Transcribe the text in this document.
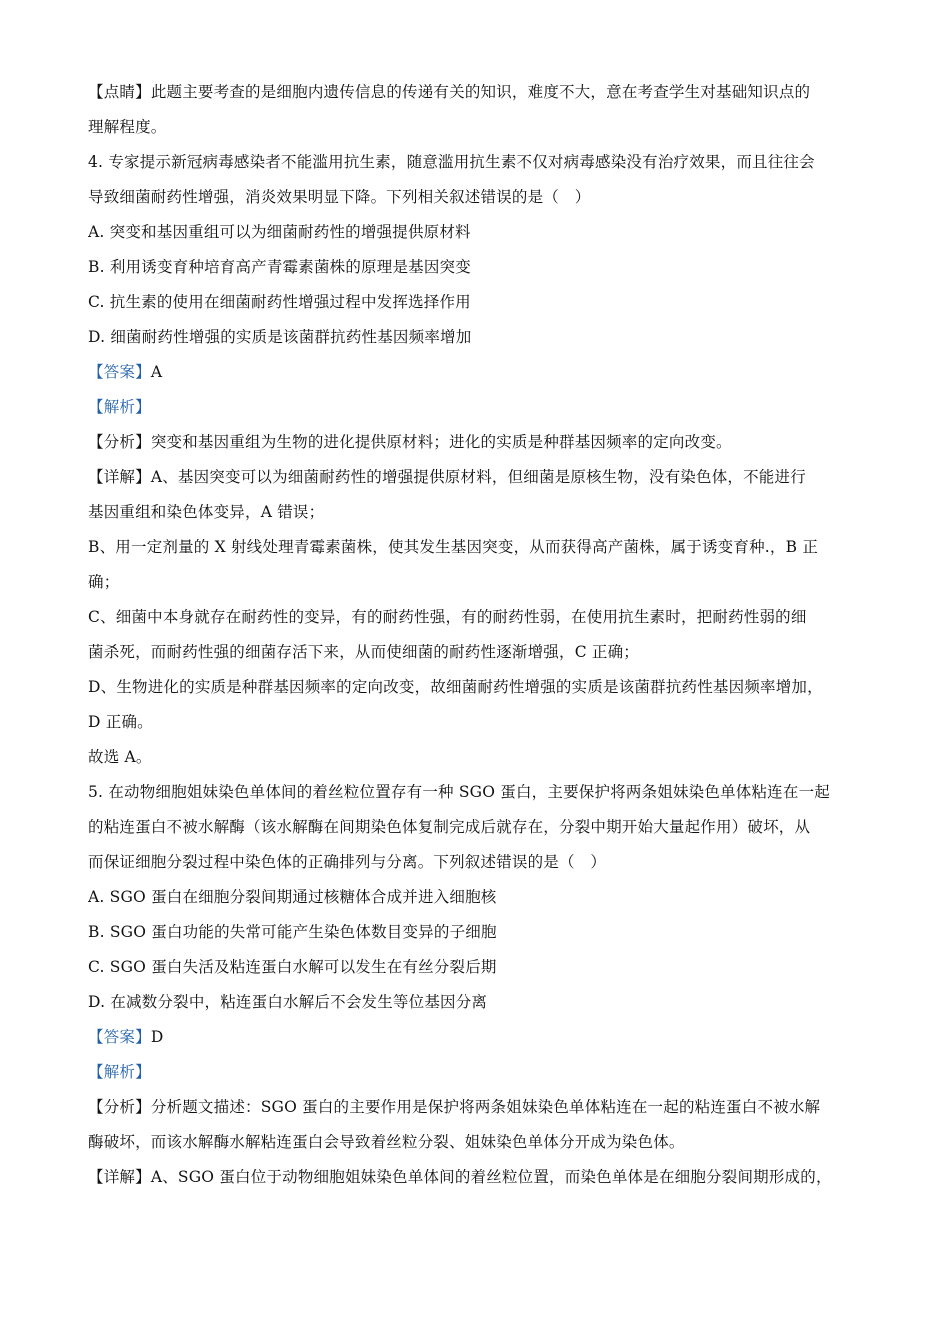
【点睛】此题主要考查的是细胞内遗传信息的传递有关的知识，难度不大，意在考查学生对基础知识点的
理解程度。
4. 专家提示新冠病毒感染者不能滥用抗生素，随意滥用抗生素不仅对病毒感染没有治疗效果，而且往往会
导致细菌耐药性增强，消炎效果明显下降。下列相关叙述错误的是（　）
A. 突变和基因重组可以为细菌耐药性的增强提供原材料
B. 利用诱变育种培育高产青霉素菌株的原理是基因突变
C. 抗生素的使用在细菌耐药性增强过程中发挥选择作用
D. 细菌耐药性增强的实质是该菌群抗药性基因频率增加
【答案】A
【解析】
【分析】突变和基因重组为生物的进化提供原材料；进化的实质是种群基因频率的定向改变。
【详解】A、基因突变可以为细菌耐药性的增强提供原材料，但细菌是原核生物，没有染色体，不能进行
基因重组和染色体变异，A 错误；
B、用一定剂量的 X 射线处理青霉素菌株，使其发生基因突变，从而获得高产菌株，属于诱变育种.，B 正
确；
C、细菌中本身就存在耐药性的变异，有的耐药性强，有的耐药性弱，在使用抗生素时，把耐药性弱的细
菌杀死，而耐药性强的细菌存活下来，从而使细菌的耐药性逐渐增强，C 正确；
D、生物进化的实质是种群基因频率的定向改变，故细菌耐药性增强的实质是该菌群抗药性基因频率增加，
D 正确。
故选 A。
5. 在动物细胞姐妹染色单体间的着丝粒位置存有一种 SGO 蛋白，主要保护将两条姐妹染色单体粘连在一起
的粘连蛋白不被水解酶（该水解酶在间期染色体复制完成后就存在，分裂中期开始大量起作用）破坏，从
而保证细胞分裂过程中染色体的正确排列与分离。下列叙述错误的是（　）
A. SGO 蛋白在细胞分裂间期通过核糖体合成并进入细胞核
B. SGO 蛋白功能的失常可能产生染色体数目变异的子细胞
C. SGO 蛋白失活及粘连蛋白水解可以发生在有丝分裂后期
D. 在减数分裂中，粘连蛋白水解后不会发生等位基因分离
【答案】D
【解析】
【分析】分析题文描述：SGO 蛋白的主要作用是保护将两条姐妹染色单体粘连在一起的粘连蛋白不被水解
酶破坏，而该水解酶水解粘连蛋白会导致着丝粒分裂、姐妹染色单体分开成为染色体。
【详解】A、SGO 蛋白位于动物细胞姐妹染色单体间的着丝粒位置，而染色单体是在细胞分裂间期形成的，
